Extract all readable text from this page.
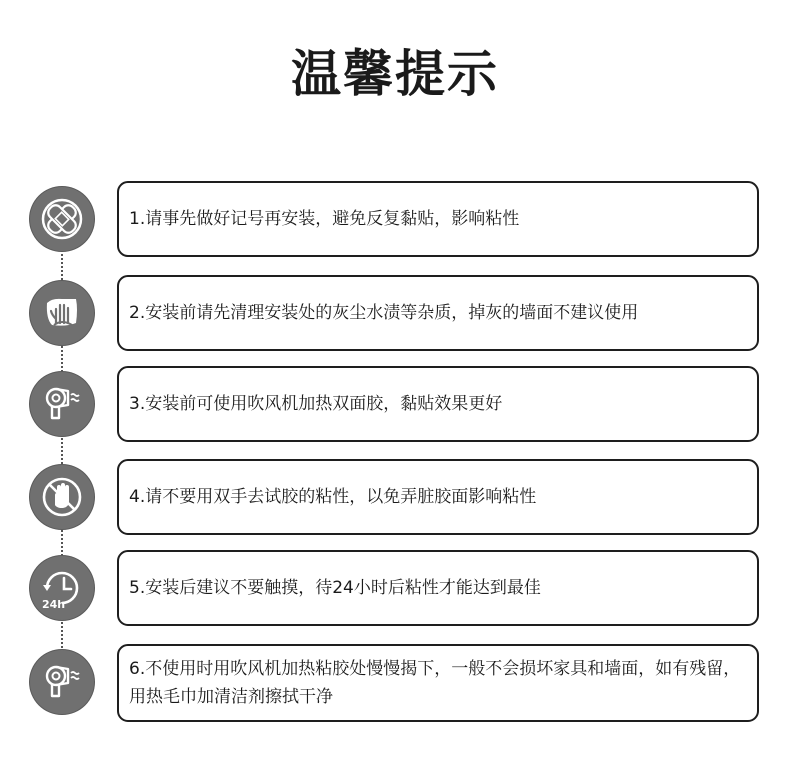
温馨提示
1.请事先做好记号再安装，避免反复黏贴，影响粘性
2.安装前请先清理安装处的灰尘水渍等杂质，掉灰的墙面不建议使用
3.安装前可使用吹风机加热双面胶，黏贴效果更好
4.请不要用双手去试胶的粘性，以免弄脏胶面影响粘性
24h
5.安装后建议不要触摸，待24小时后粘性才能达到最佳
6.不使用时用吹风机加热粘胶处慢慢揭下，一般不会损坏家具和墙面，如有残留，用热毛巾加清洁剂擦拭干净
